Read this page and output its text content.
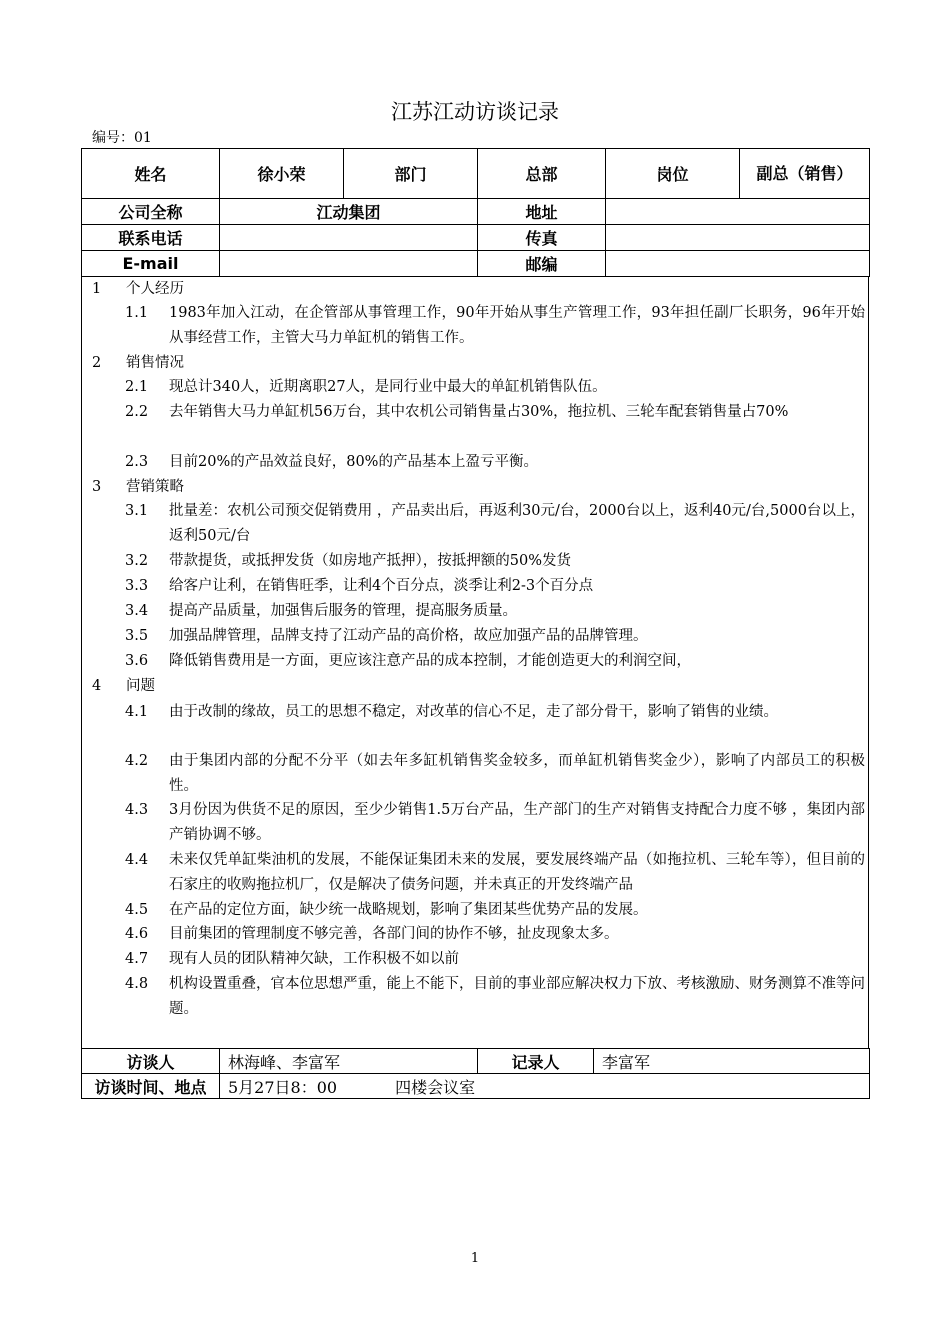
江苏江动访谈记录
编号：01
姓名	徐小荣	部门	总部	岗位	副总（销售）
公司全称	江动集团		地址		
联系电话			传真		
E-mail			邮编		
1 个人经历
1.1	1983年加入江动，在企管部从事管理工作，90年开始从事生产管理工作，93年担任副厂长职务，96年开始从事经营工作，主管大马力单缸机的销售工作。
2 销售情况
2.1	现总计340人，近期离职27人，是同行业中最大的单缸机销售队伍。
2.2	去年销售大马力单缸机56万台，其中农机公司销售量占30%，拖拉机、三轮车配套销售量占70%
2.3	目前20%的产品效益良好，80%的产品基本上盈亏平衡。
3 营销策略
3.1	批量差：农机公司预交促销费用 ，产品卖出后，再返利30元/台，2000台以上，返利40元/台,5000台以上，返利50元/台
3.2	带款提货，或抵押发货（如房地产抵押），按抵押额的50%发货
3.3	给客户让利，在销售旺季，让利4个百分点，淡季让利2-3个百分点
3.4	提高产品质量，加强售后服务的管理，提高服务质量。
3.5	加强品牌管理，品牌支持了江动产品的高价格，故应加强产品的品牌管理。
3.6	降低销售费用是一方面，更应该注意产品的成本控制，才能创造更大的利润空间，
4 问题
4.1	由于改制的缘故，员工的思想不稳定，对改革的信心不足，走了部分骨干，影响了销售的业绩。
4.2	由于集团内部的分配不分平（如去年多缸机销售奖金较多，而单缸机销售奖金少），影响了内部员工的积极性。
4.3	3月份因为供货不足的原因，至少少销售1.5万台产品，生产部门的生产对销售支持配合力度不够 ，集团内部产销协调不够。
4.4	未来仅凭单缸柴油机的发展，不能保证集团未来的发展，要发展终端产品（如拖拉机、三轮车等），但目前的石家庄的收购拖拉机厂，仅是解决了债务问题，并未真正的开发终端产品
4.5	在产品的定位方面，缺少统一战略规划，影响了集团某些优势产品的发展。
4.6	目前集团的管理制度不够完善，各部门间的协作不够，扯皮现象太多。
4.7	现有人员的团队精神欠缺，工作积极不如以前
4.8	机构设置重叠，官本位思想严重，能上不能下，目前的事业部应解决权力下放、考核激励、财务测算不准等问题。
访谈人	林海峰、李富军	记录人	李富军
访谈时间、地点	5月27日8：00 四楼会议室		
1
